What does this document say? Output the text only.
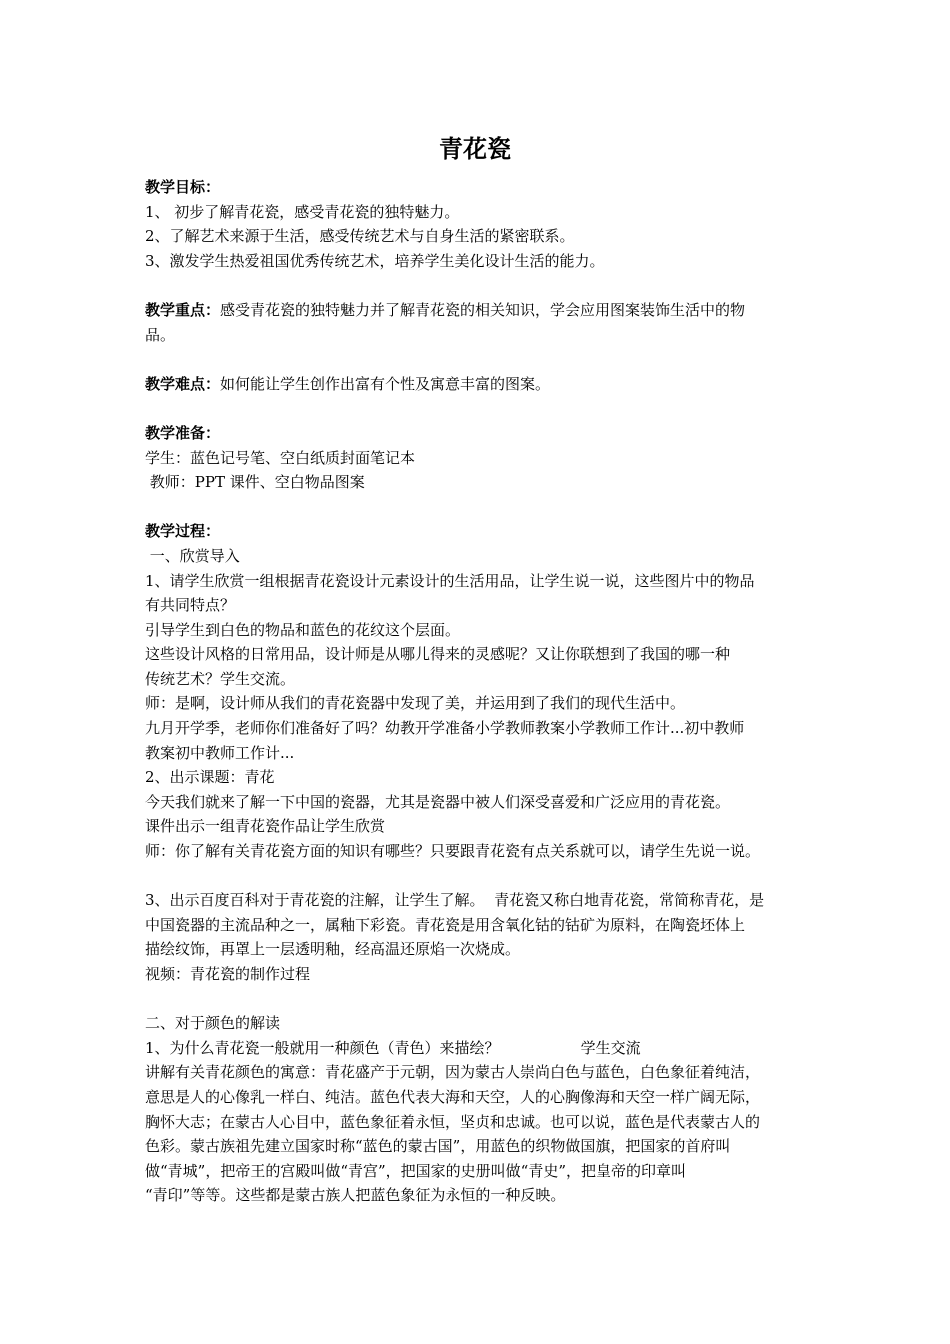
青花瓷
教学目标：
1、 初步了解青花瓷，感受青花瓷的独特魅力。
2、了解艺术来源于生活，感受传统艺术与自身生活的紧密联系。
3、激发学生热爱祖国优秀传统艺术，培养学生美化设计生活的能力。
教学重点：感受青花瓷的独特魅力并了解青花瓷的相关知识，学会应用图案装饰生活中的物
品。
教学难点：如何能让学生创作出富有个性及寓意丰富的图案。
教学准备：
学生：蓝色记号笔、空白纸质封面笔记本
教师：PPT 课件、空白物品图案
教学过程：
一、欣赏导入
1、请学生欣赏一组根据青花瓷设计元素设计的生活用品，让学生说一说，这些图片中的物品
有共同特点？
引导学生到白色的物品和蓝色的花纹这个层面。
这些设计风格的日常用品，设计师是从哪儿得来的灵感呢？又让你联想到了我国的哪一种
传统艺术？学生交流。
师：是啊，设计师从我们的青花瓷器中发现了美，并运用到了我们的现代生活中。
九月开学季，老师你们准备好了吗？幼教开学准备小学教师教案小学教师工作计...初中教师
教案初中教师工作计...
2、出示课题：青花
今天我们就来了解一下中国的瓷器，尤其是瓷器中被人们深受喜爱和广泛应用的青花瓷。
课件出示一组青花瓷作品让学生欣赏
师：你了解有关青花瓷方面的知识有哪些？只要跟青花瓷有点关系就可以，请学生先说一说。
3、出示百度百科对于青花瓷的注解，让学生了解。  青花瓷又称白地青花瓷，常简称青花，是
中国瓷器的主流品种之一，属釉下彩瓷。青花瓷是用含氧化钴的钴矿为原料，在陶瓷坯体上
描绘纹饰，再罩上一层透明釉，经高温还原焰一次烧成。
视频：青花瓷的制作过程
二、对于颜色的解读
1、为什么青花瓷一般就用一种颜色（青色）来描绘？                 学生交流
讲解有关青花颜色的寓意：青花盛产于元朝，因为蒙古人崇尚白色与蓝色，白色象征着纯洁，
意思是人的心像乳一样白、纯洁。蓝色代表大海和天空，人的心胸像海和天空一样广阔无际，
胸怀大志；在蒙古人心目中，蓝色象征着永恒，坚贞和忠诚。也可以说，蓝色是代表蒙古人的
色彩。蒙古族祖先建立国家时称“蓝色的蒙古国”，用蓝色的织物做国旗，把国家的首府叫
做“青城”，把帝王的宫殿叫做“青宫”，把国家的史册叫做“青史”，把皇帝的印章叫
“青印”等等。这些都是蒙古族人把蓝色象征为永恒的一种反映。
